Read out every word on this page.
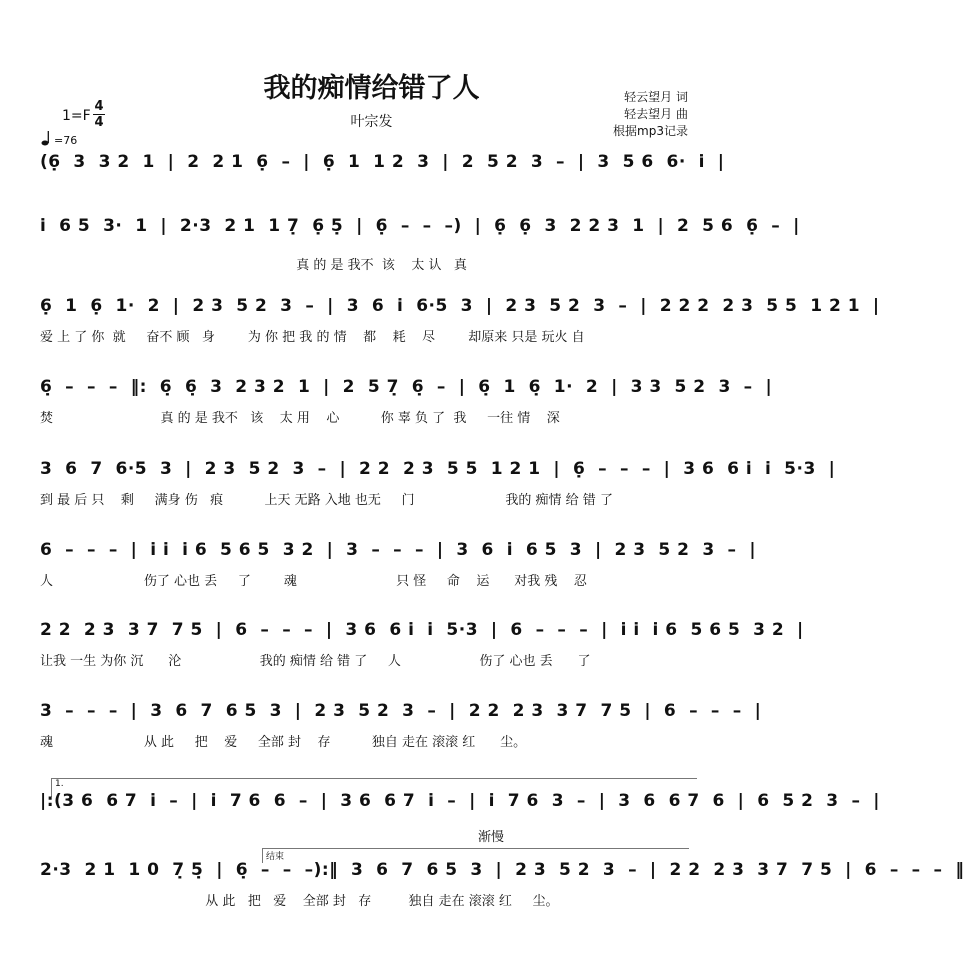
我的痴情给错了人
叶宗发
轻云望月 词
轻去望月 曲
根据mp3记录
$1=F \frac{4}{4}$
=76
(6̣  3  3 2  1  |  2  2 1  6̣  –  |  6̣  1  1 2  3  |  2  5 2  3  –  |  3  5 6  6·  i̇  |
i̇  6 5  3·  1  |  2·3  2 1  1 7̣  6̣ 5̣  |  6̣  –  –  –)  |  6̣  6̣  3  2 2 3  1  |  2  5 6  6̣  –  |
真 的 是 我不  该    太 认   真
6̣  1  6̣  1·  2  |  2 3  5 2  3  –  |  3  6  i̇  6·5  3  |  2 3  5 2  3  –  |  2 2 2  2 3  5 5  1 2 1  |
爱 上 了 你  就     奋不 顾   身        为 你 把 我 的 情    都    耗    尽        却原来 只是 玩火 自
6̣  –  –  –  ‖:  6̣  6̣  3  2 3 2  1  |  2  5 7̣  6̣  –  |  6̣  1  6̣  1·  2  |  3 3  5 2  3  –  |
焚                          真 的 是 我不   该    太 用    心          你 辜 负 了  我     一往 情    深
3  6  7  6·5  3  |  2 3  5 2  3  –  |  2 2  2 3  5 5  1 2 1  |  6̣  –  –  –  |  3 6  6 i̇  i̇  5·3  |
到 最 后 只    剩     满身 伤   痕          上天 无路 入地 也无     门                      我的 痴情 给 错 了
6  –  –  –  |  i̇ i̇  i̇ 6  5 6 5  3 2  |  3  –  –  –  |  3  6  i̇  6 5  3  |  2 3  5 2  3  –  |
人                      伤了 心也 丢     了        魂                        只 怪     命    运      对我 残    忍
2 2  2 3  3 7  7 5  |  6  –  –  –  |  3 6  6 i̇  i̇  5·3  |  6  –  –  –  |  i̇ i̇  i̇ 6  5 6 5  3 2  |
让我 一生 为你 沉      沦                   我的 痴情 给 错 了     人                   伤了 心也 丢      了
3  –  –  –  |  3  6  7  6 5  3  |  2 3  5 2  3  –  |  2 2  2 3  3 7  7 5  |  6  –  –  –  |
魂                      从 此     把    爱     全部 封    存          独自 走在 滚滚 红      尘。
1.
|:(3 6  6 7  i̇  –  |  i̇  7 6  6  –  |  3 6  6 7  i̇  –  |  i̇  7 6  3  –  |  3  6  6 7  6  |  6  5 2  3  –  |
渐慢
结束
2·3  2 1  1 0  7̣ 5̣  |  6̣  –  –  –):‖  3  6  7  6 5  3  |  2 3  5 2  3  –  |  2 2  2 3  3 7  7 5  |  6  –  –  –  ‖
从 此   把   爱    全部 封   存         独自 走在 滚滚 红     尘。
